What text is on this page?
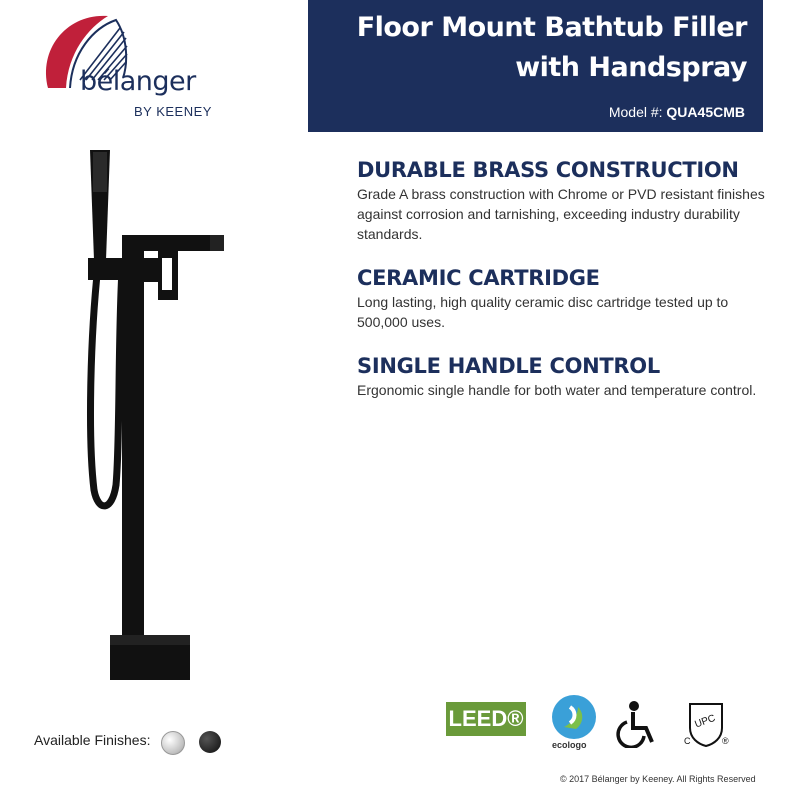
bélanger
BY KEENEY
Floor Mount Bathtub Filler
with Handspray
Model #: QUA45CMB
DURABLE BRASS CONSTRUCTION

Grade A brass construction with Chrome or PVD resistant finishes against corrosion and tarnishing, exceeding industry durability standards.

CERAMIC CARTRIDGE

Long lasting, high quality ceramic disc cartridge tested up to 500,000 uses.

SINGLE HANDLE CONTROL

Ergonomic single handle for both water and temperature control.

Available Finishes:
LEED®
ecologo
UPC
C	®
© 2017 Bélanger by Keeney. All Rights Reserved
